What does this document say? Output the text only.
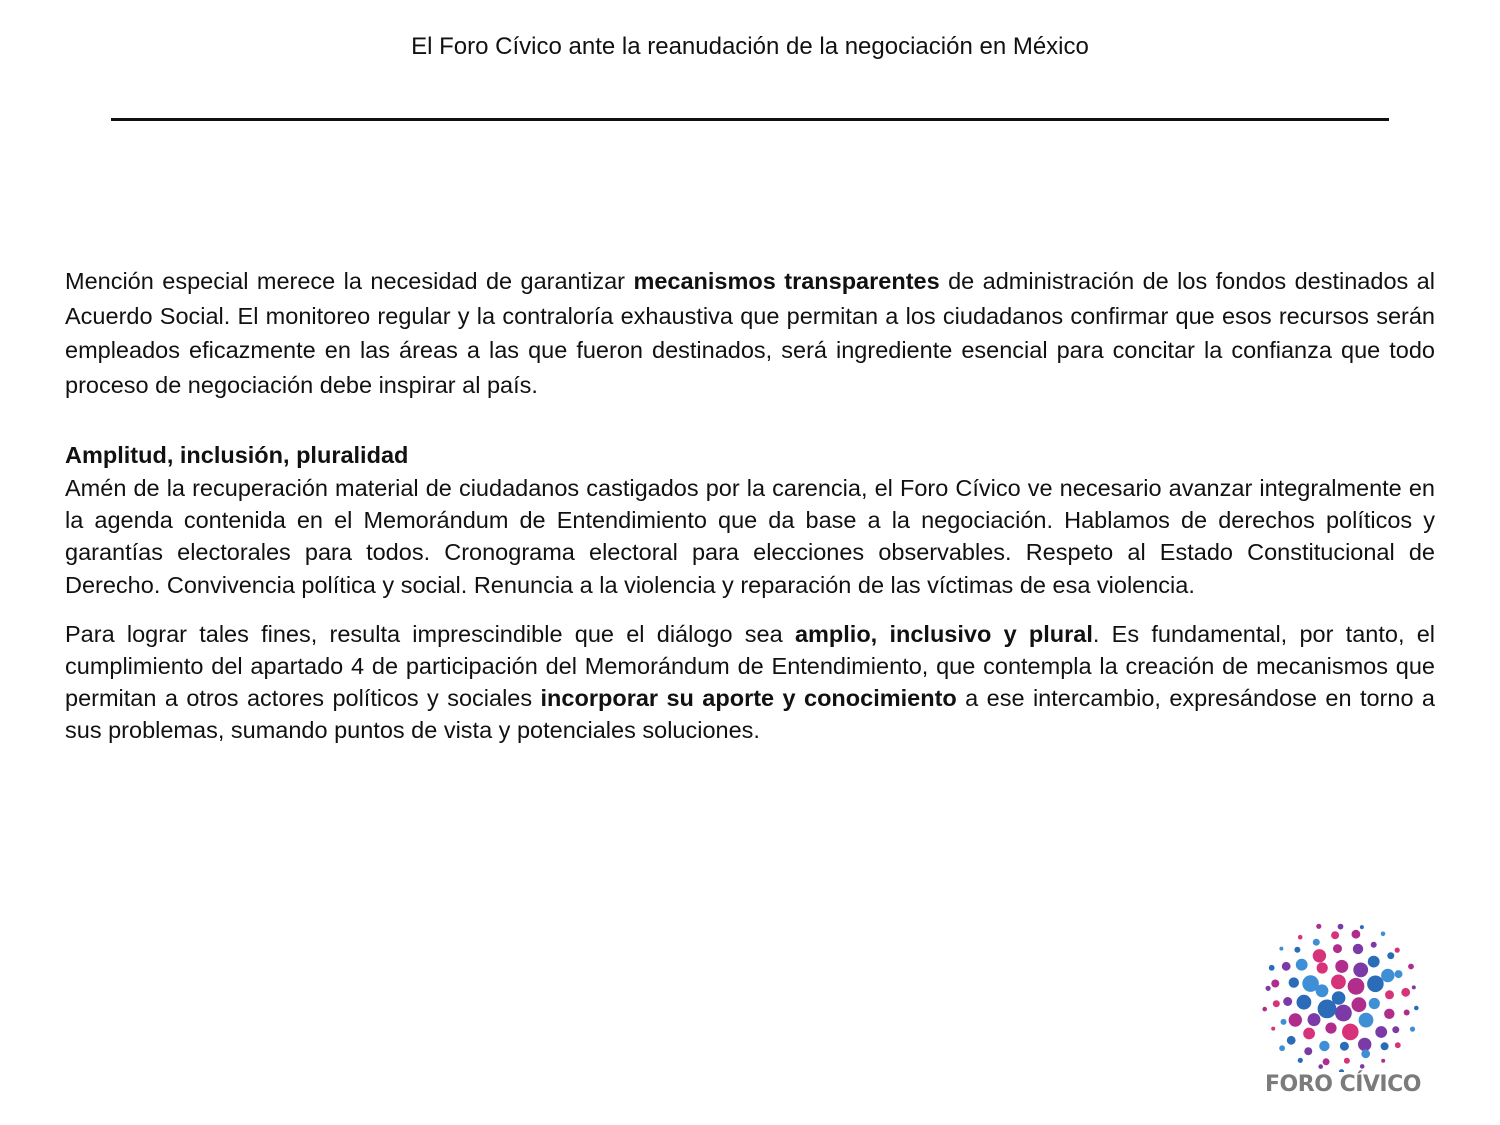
El Foro Cívico ante la reanudación de la negociación en México

Mención especial merece la necesidad de garantizar mecanismos transparentes de administración de los fondos destinados al Acuerdo Social. El monitoreo regular y la contraloría exhaustiva que permitan a los ciudadanos confirmar que esos recursos serán empleados eficazmente en las áreas a las que fueron destinados, será ingrediente esencial para concitar la confianza que todo proceso de negociación debe inspirar al país.

Amplitud, inclusión, pluralidad

Amén de la recuperación material de ciudadanos castigados por la carencia, el Foro Cívico ve necesario avanzar integralmente en la agenda contenida en el Memorándum de Entendimiento que da base a la negociación. Hablamos de derechos políticos y garantías electorales para todos. Cronograma electoral para elecciones observables. Respeto al Estado Constitucional de Derecho. Convivencia política y social. Renuncia a la violencia y reparación de las víctimas de esa violencia.

Para lograr tales fines, resulta imprescindible que el diálogo sea amplio, inclusivo y plural. Es fundamental, por tanto, el cumplimiento del apartado 4 de participación del Memorándum de Entendimiento, que contempla la creación de mecanismos que permitan a otros actores políticos y sociales incorporar su aporte y conocimiento a ese intercambio, expresándose en torno a sus problemas, sumando puntos de vista y potenciales soluciones.

FORO CÍVICO
